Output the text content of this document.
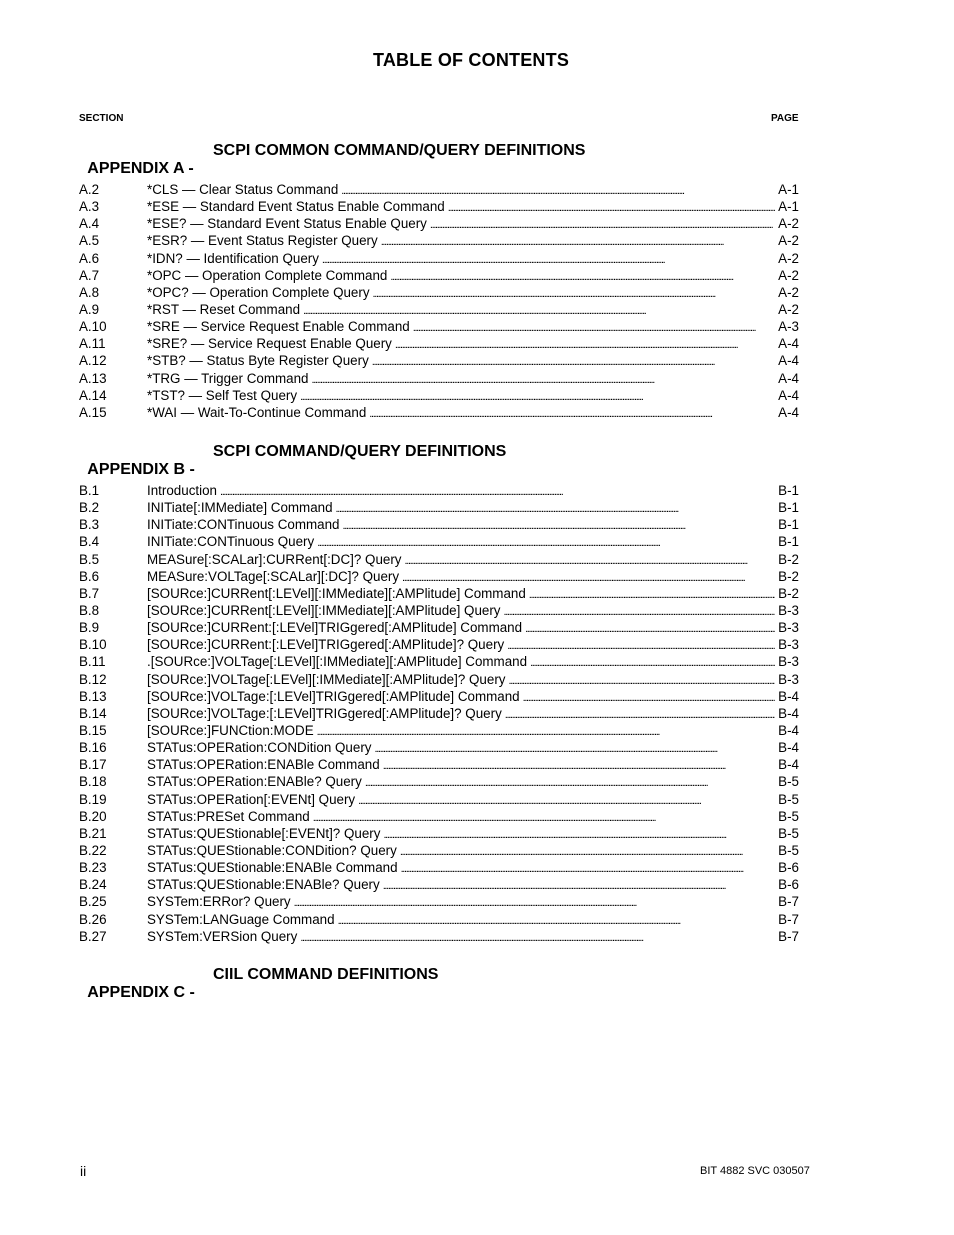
TABLE OF CONTENTS
SECTION	PAGE

APPENDIX A -

SCPI COMMON COMMAND/QUERY DEFINITIONS

A.2	*CLS — Clear Status Command . . .	A-1
A.3	*ESE — Standard Event Status Enable Command . . .	A-1
A.4	*ESE? — Standard Event Status Enable Query . . .	A-2
A.5	*ESR? — Event Status Register Query . . .	A-2
A.6	*IDN? — Identification Query . . .	A-2
A.7	*OPC — Operation Complete Command . . .	A-2
A.8	*OPC? — Operation Complete Query . . .	A-2
A.9	*RST — Reset Command . . .	A-2
A.10	*SRE — Service Request Enable Command . . .	A-3
A.11	*SRE? — Service Request Enable Query . . .	A-4
A.12	*STB? — Status Byte Register Query . . .	A-4
A.13	*TRG — Trigger Command . . .	A-4
A.14	*TST? — Self Test Query . . .	A-4
A.15	*WAI — Wait-To-Continue Command . . .	A-4

APPENDIX B -

SCPI COMMAND/QUERY DEFINITIONS

B.1	Introduction . . .	B-1
B.2	INITiate[:IMMediate] Command . . .	B-1
B.3	INITiate:CONTinuous Command . . .	B-1
B.4	INITiate:CONTinuous Query . . .	B-1
B.5	MEASure[:SCALar]:CURRent[:DC]? Query . . .	B-2
B.6	MEASure:VOLTage[:SCALar][:DC]? Query . . .	B-2
B.7	[SOURce:]CURRent[:LEVel][:IMMediate][:AMPlitude] Command . . .	B-2
B.8	[SOURce:]CURRent[:LEVel][:IMMediate][:AMPlitude] Query . . .	B-3
B.9	[SOURce:]CURRent:[:LEVel]TRIGgered[:AMPlitude] Command . . .	B-3
B.10	[SOURce:]CURRent:[:LEVel]TRIGgered[:AMPlitude]? Query . . .	B-3
B.11	.[SOURce:]VOLTage[:LEVel][:IMMediate][:AMPlitude] Command . . .	B-3
B.12	[SOURce:]VOLTage[:LEVel][:IMMediate][:AMPlitude]? Query . . .	B-3
B.13	[SOURce:]VOLTage:[:LEVel]TRIGgered[:AMPlitude] Command . . .	B-4
B.14	[SOURce:]VOLTage:[:LEVel]TRIGgered[:AMPlitude]? Query . . .	B-4
B.15	[SOURce:]FUNCtion:MODE . . .	B-4
B.16	STATus:OPERation:CONDition Query . . .	B-4
B.17	STATus:OPERation:ENABle Command . . .	B-4
B.18	STATus:OPERation:ENABle? Query . . .	B-5
B.19	STATus:OPERation[:EVENt] Query . . .	B-5
B.20	STATus:PRESet Command . . .	B-5
B.21	STATus:QUEStionable[:EVENt]? Query . . .	B-5
B.22	STATus:QUEStionable:CONDition? Query . . .	B-5
B.23	STATus:QUEStionable:ENABle Command . . .	B-6
B.24	STATus:QUEStionable:ENABle? Query . . .	B-6
B.25	SYSTem:ERRor? Query . . .	B-7
B.26	SYSTem:LANGuage Command . . .	B-7
B.27	SYSTem:VERSion Query . . .	B-7

APPENDIX C -

CIIL COMMAND DEFINITIONS

ii	BIT 4882 SVC 030507
